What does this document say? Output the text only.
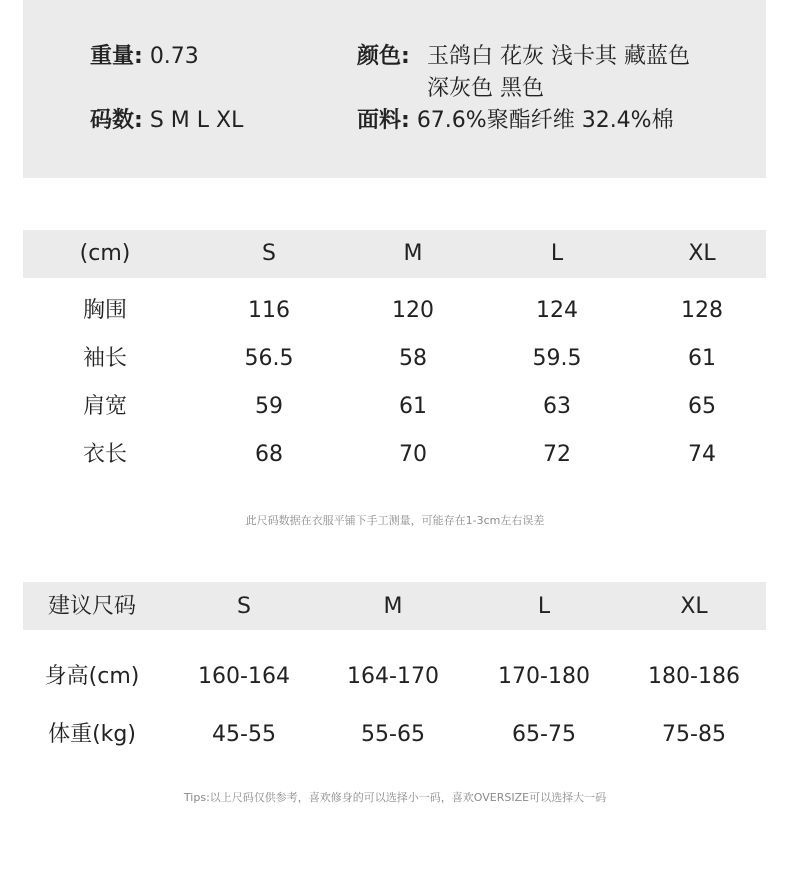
重量: 0.73
码数: S M L XL
颜色: 玉鸽白 花灰 浅卡其 藏蓝色 深灰色 黑色
面料: 67.6%聚酯纤维 32.4%棉
(cm)	S	M	L	XL
胸围	116	120	124	128
袖长	56.5	58	59.5	61
肩宽	59	61	63	65
衣长	68	70	72	74
此尺码数据在衣服平铺下手工测量，可能存在1-3cm左右误差
建议尺码	S	M	L	XL
身高(cm)	160-164	164-170	170-180	180-186
体重(kg)	45-55	55-65	65-75	75-85
Tips:以上尺码仅供参考，喜欢修身的可以选择小一码，喜欢OVERSIZE可以选择大一码
